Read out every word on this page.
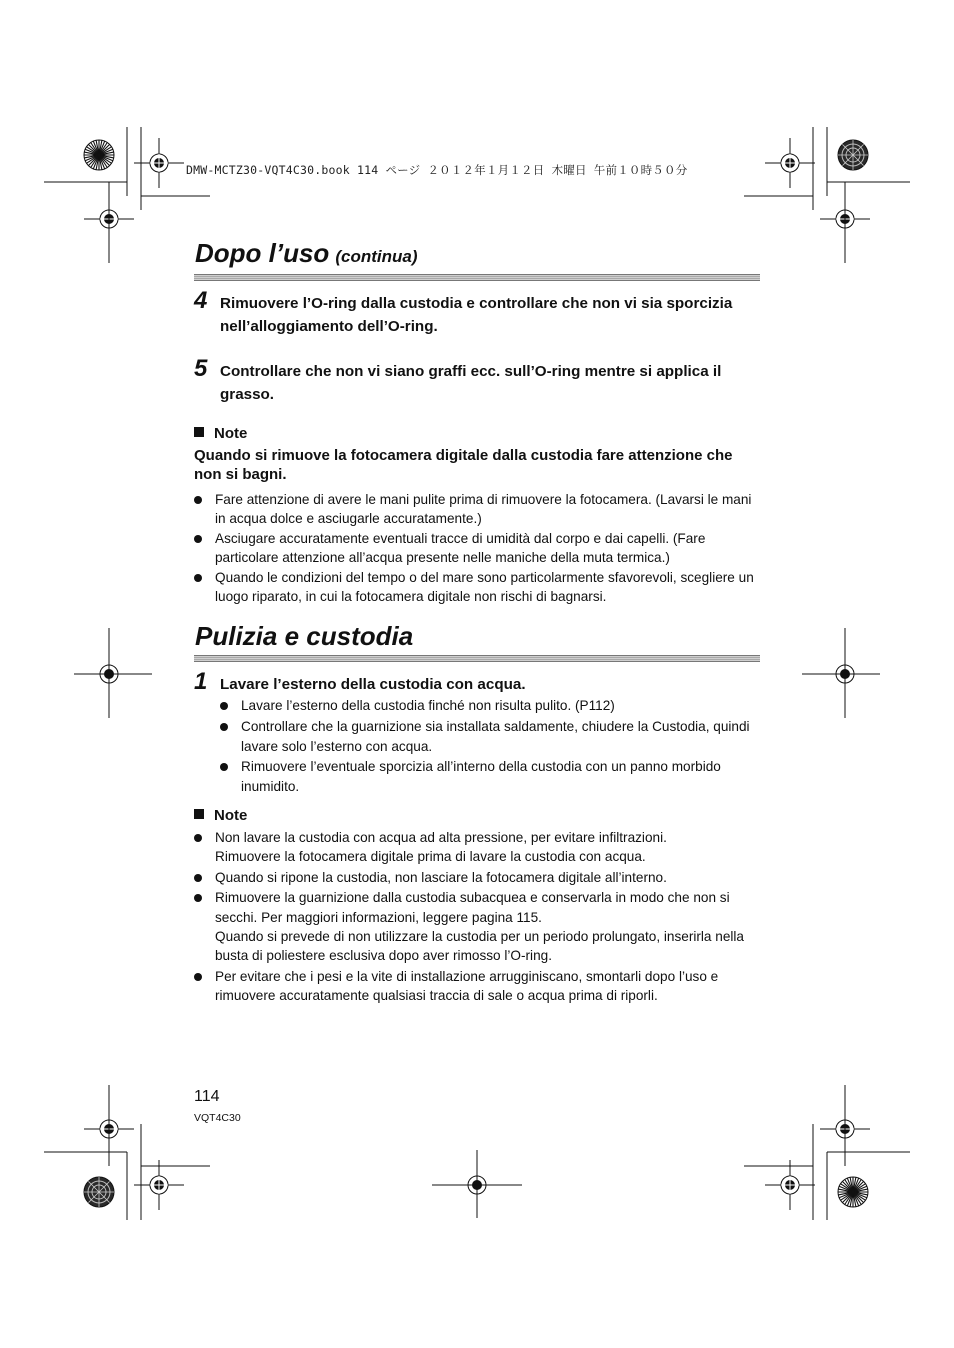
DMW-MCTZ30-VQT4C30.book 114 ページ ２０１２年１月１２日 木曜日 午前１０時５０分
Dopo l’uso (continua)
4 Rimuovere l’O-ring dalla custodia e controllare che non vi sia sporcizia nell’alloggiamento dell’O-ring.
5 Controllare che non vi siano graffi ecc. sull’O-ring mentre si applica il grasso.
Note
Quando si rimuove la fotocamera digitale dalla custodia fare attenzione che non si bagni.
Fare attenzione di avere le mani pulite prima di rimuovere la fotocamera. (Lavarsi le mani in acqua dolce e asciugarle accuratamente.)
Asciugare accuratamente eventuali tracce di umidità dal corpo e dai capelli. (Fare particolare attenzione all’acqua presente nelle maniche della muta termica.)
Quando le condizioni del tempo o del mare sono particolarmente sfavorevoli, scegliere un luogo riparato, in cui la fotocamera digitale non rischi di bagnarsi.
Pulizia e custodia
1 Lavare l’esterno della custodia con acqua.
Lavare l’esterno della custodia finché non risulta pulito. (P112)
Controllare che la guarnizione sia installata saldamente, chiudere la Custodia, quindi lavare solo l’esterno con acqua.
Rimuovere l’eventuale sporcizia all’interno della custodia con un panno morbido inumidito.
Note
Non lavare la custodia con acqua ad alta pressione, per evitare infiltrazioni.
Rimuovere la fotocamera digitale prima di lavare la custodia con acqua.
Quando si ripone la custodia, non lasciare la fotocamera digitale all’interno.
Rimuovere la guarnizione dalla custodia subacquea e conservarla in modo che non si secchi. Per maggiori informazioni, leggere pagina 115.
Quando si prevede di non utilizzare la custodia per un periodo prolungato, inserirla nella busta di poliestere esclusiva dopo aver rimosso l’O-ring.
Per evitare che i pesi e la vite di installazione arrugginiscano, smontarli dopo l’uso e rimuovere accuratamente qualsiasi traccia di sale o acqua prima di riporli.
114
VQT4C30
